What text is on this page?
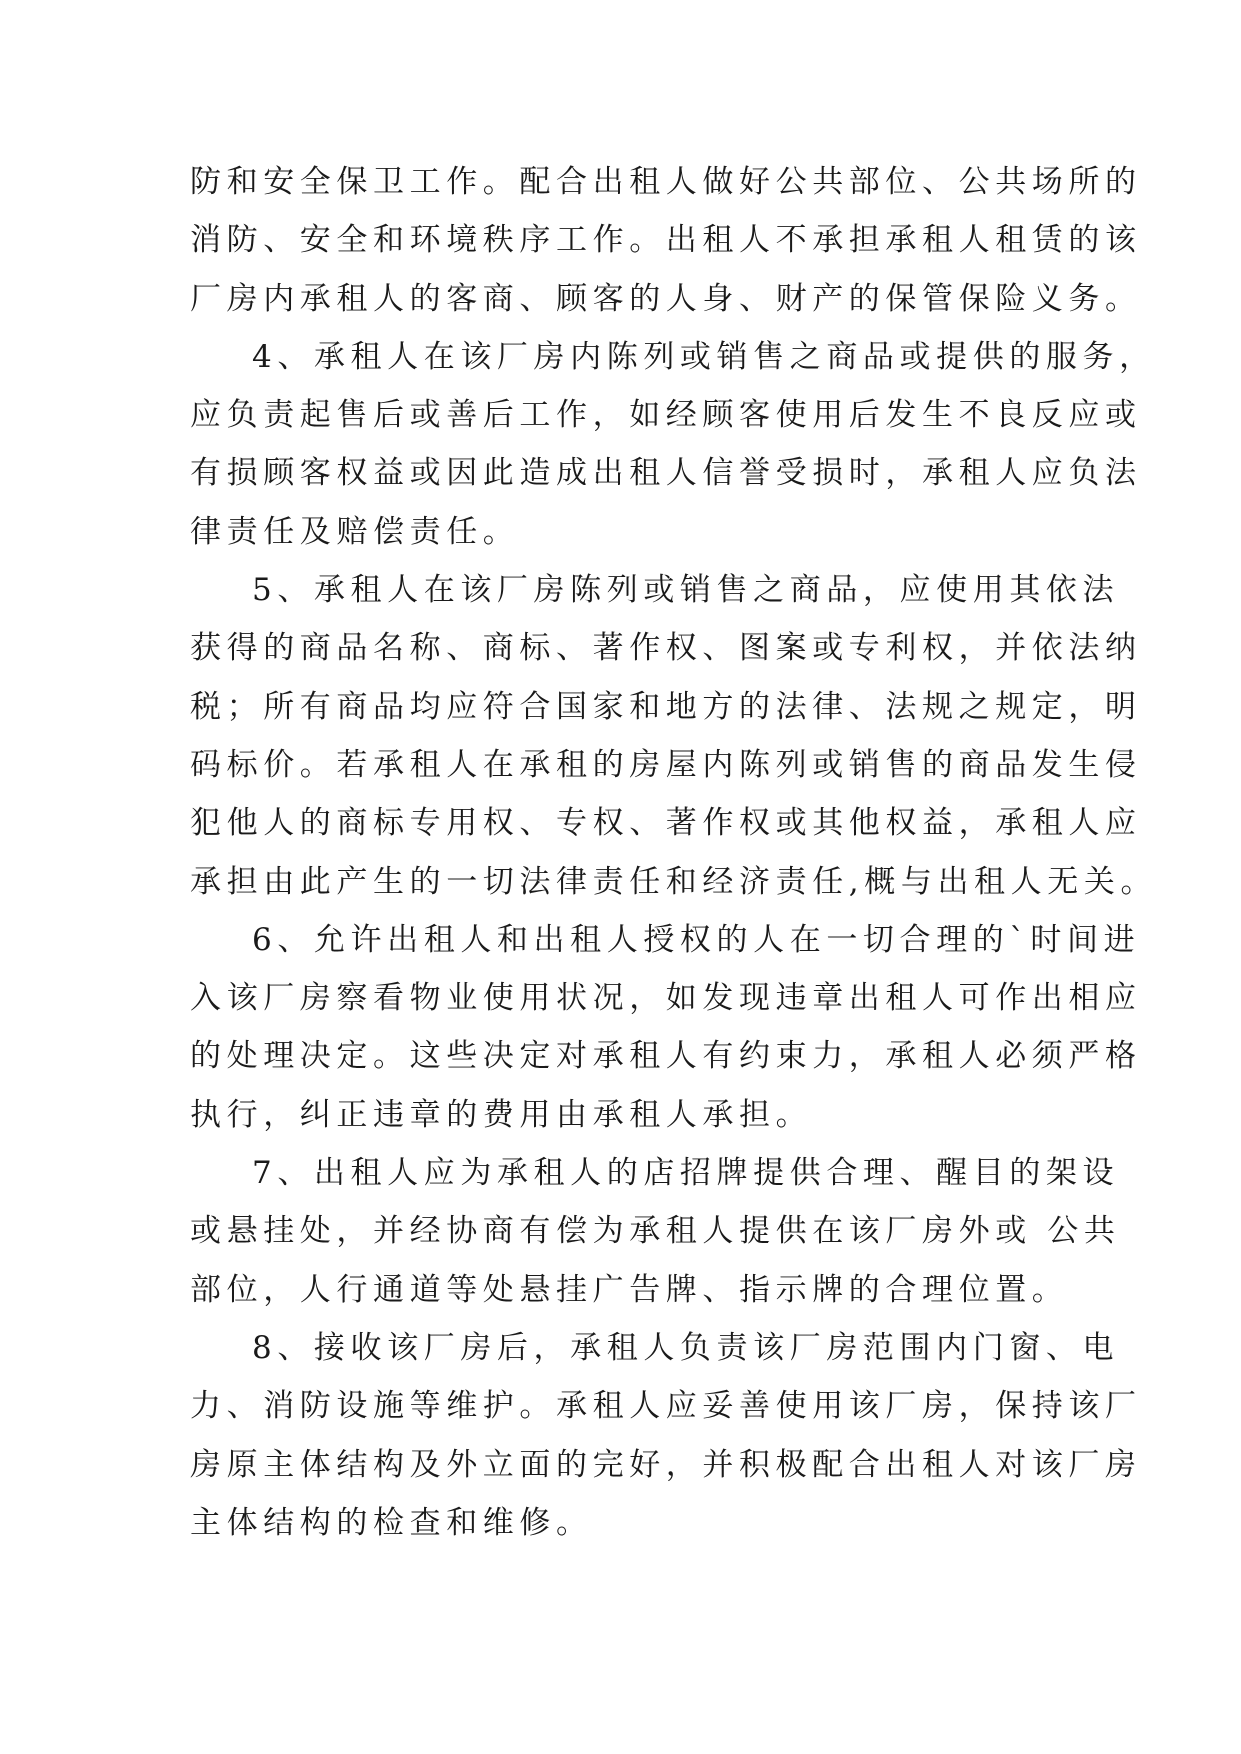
防和安全保卫工作。配合出租人做好公共部位、公共场所的
消防、安全和环境秩序工作。出租人不承担承租人租赁的该
厂房内承租人的客商、顾客的人身、财产的保管保险义务。
4、承租人在该厂房内陈列或销售之商品或提供的服务，
应负责起售后或善后工作，如经顾客使用后发生不良反应或
有损顾客权益或因此造成出租人信誉受损时，承租人应负法
律责任及赔偿责任。
5、承租人在该厂房陈列或销售之商品，应使用其依法
获得的商品名称、商标、著作权、图案或专利权，并依法纳
税；所有商品均应符合国家和地方的法律、法规之规定，明
码标价。若承租人在承租的房屋内陈列或销售的商品发生侵
犯他人的商标专用权、专权、著作权或其他权益，承租人应
承担由此产生的一切法律责任和经济责任,概与出租人无关。
6、允许出租人和出租人授权的人在一切合理的`时间进
入该厂房察看物业使用状况，如发现违章出租人可作出相应
的处理决定。这些决定对承租人有约束力，承租人必须严格
执行，纠正违章的费用由承租人承担。
7、出租人应为承租人的店招牌提供合理、醒目的架设
或悬挂处，并经协商有偿为承租人提供在该厂房外或 公共
部位，人行通道等处悬挂广告牌、指示牌的合理位置。
8、接收该厂房后，承租人负责该厂房范围内门窗、电
力、消防设施等维护。承租人应妥善使用该厂房，保持该厂
房原主体结构及外立面的完好，并积极配合出租人对该厂房
主体结构的检查和维修。
